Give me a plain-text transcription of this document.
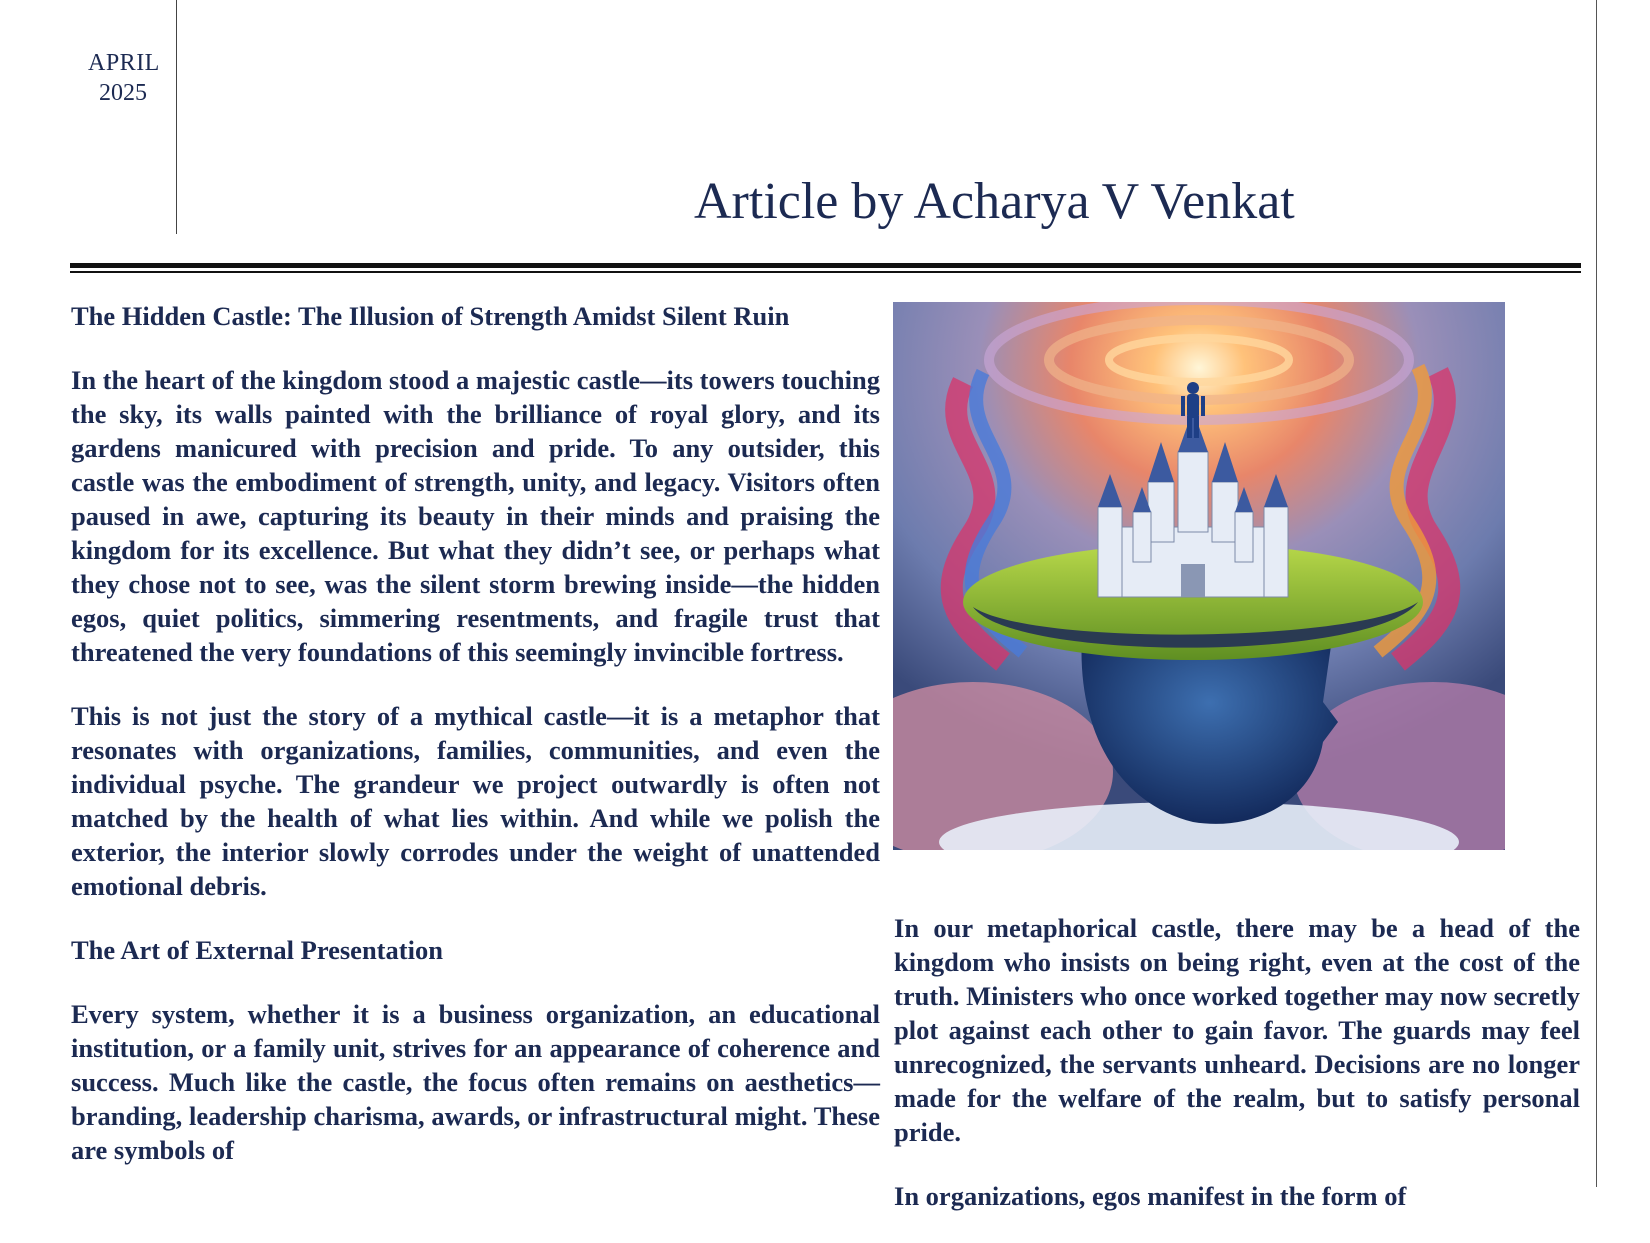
APRIL
2025
Article by Acharya V Venkat
The Hidden Castle: The Illusion of Strength Amidst Silent Ruin

In the heart of the kingdom stood a majestic castle—its towers touching the sky, its walls painted with the brilliance of royal glory, and its gardens manicured with precision and pride. To any outsider, this castle was the embodiment of strength, unity, and legacy. Visitors often paused in awe, capturing its beauty in their minds and praising the kingdom for its excellence. But what they didn’t see, or perhaps what they chose not to see, was the silent storm brewing inside—the hidden egos, quiet politics, simmering resentments, and fragile trust that threatened the very foundations of this seemingly invincible fortress.

This is not just the story of a mythical castle—it is a metaphor that resonates with organizations, families, communities, and even the individual psyche. The grandeur we project outwardly is often not matched by the health of what lies within. And while we polish the exterior, the interior slowly corrodes under the weight of unattended emotional debris.

The Art of External Presentation

Every system, whether it is a business organization, an educational institution, or a family unit, strives for an appearance of coherence and success. Much like the castle, the focus often remains on aesthetics—branding, leadership charisma, awards, or infrastructural might. These are symbols of

In our metaphorical castle, there may be a head of the kingdom who insists on being right, even at the cost of the truth. Ministers who once worked together may now secretly plot against each other to gain favor. The guards may feel unrecognized, the servants unheard. Decisions are no longer made for the welfare of the realm, but to satisfy personal pride.

In organizations, egos manifest in the form of
